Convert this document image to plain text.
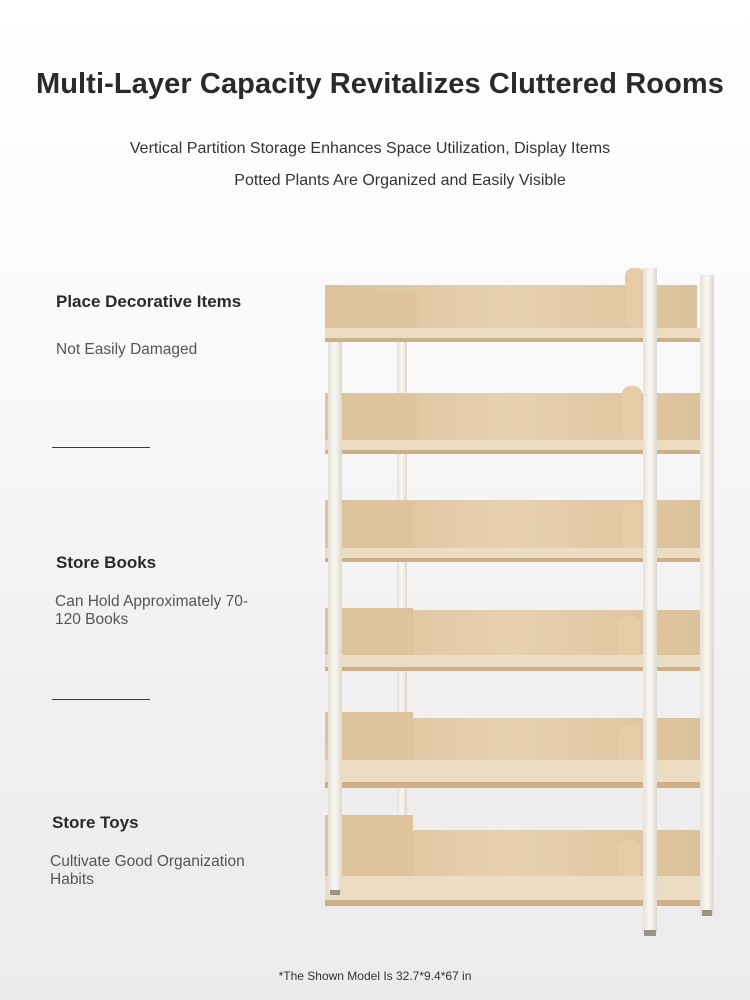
Multi-Layer Capacity Revitalizes Cluttered Rooms
Vertical Partition Storage Enhances Space Utilization, Display Items
Potted Plants Are Organized and Easily Visible
Place Decorative Items
Not Easily Damaged
Store Books
Can Hold Approximately 70-120 Books
Store Toys
Cultivate Good Organization Habits
*The Shown Model Is 32.7*9.4*67 in
